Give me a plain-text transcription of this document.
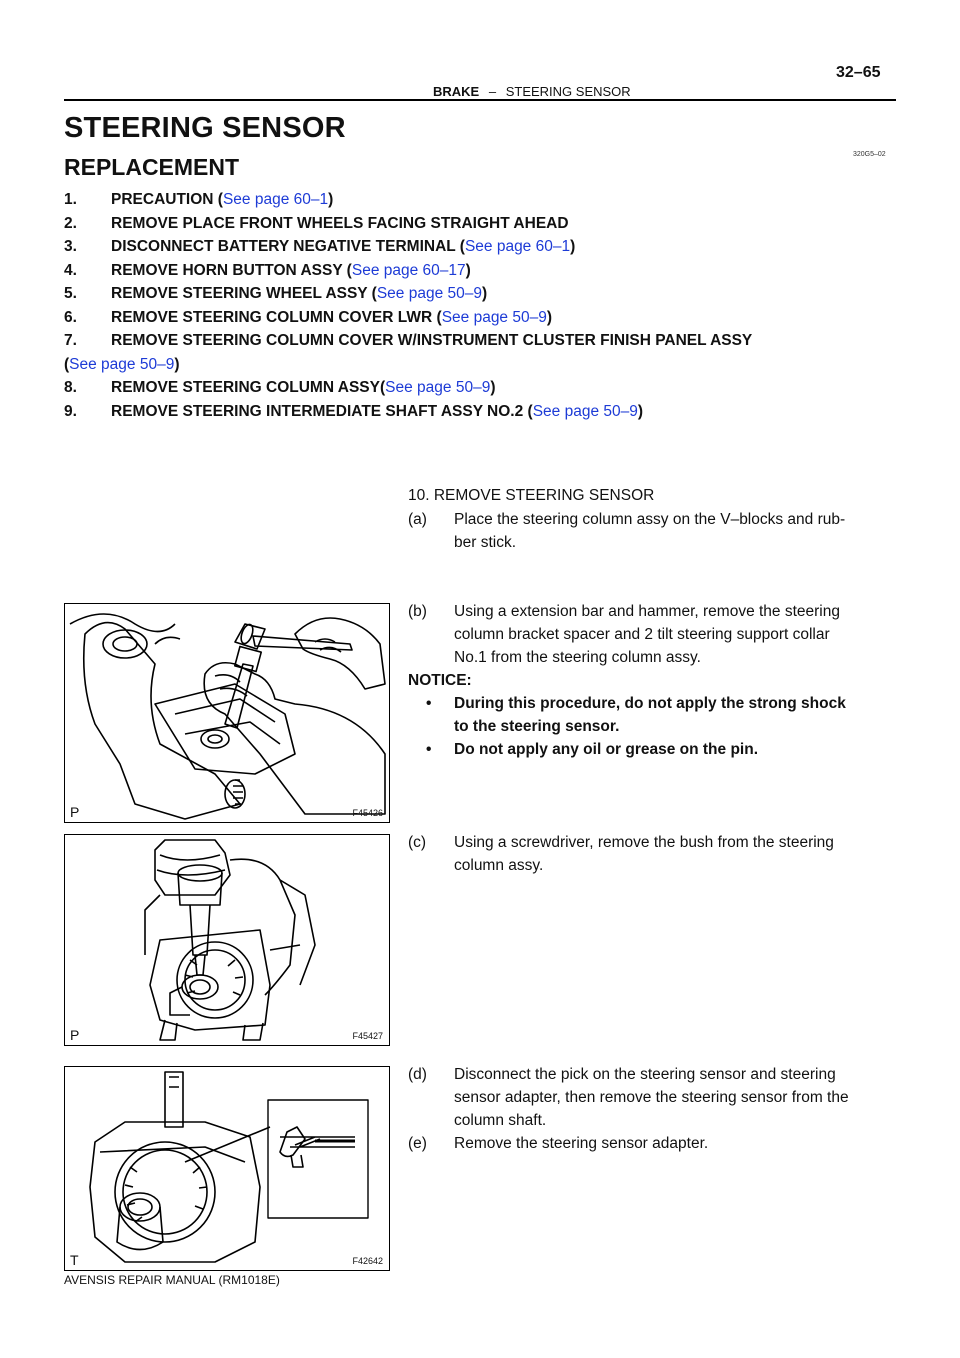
32–65
BRAKE – STEERING SENSOR
STEERING SENSOR
REPLACEMENT	320G5–02
1. PRECAUTION (See page 60–1)
2. REMOVE PLACE FRONT WHEELS FACING STRAIGHT AHEAD
3. DISCONNECT BATTERY NEGATIVE TERMINAL (See page 60–1)
4. REMOVE HORN BUTTON ASSY (See page 60–17)
5. REMOVE STEERING WHEEL ASSY (See page 50–9)
6. REMOVE STEERING COLUMN COVER LWR (See page 50–9)
7. REMOVE STEERING COLUMN COVER W/INSTRUMENT CLUSTER FINISH PANEL ASSY
(See page 50–9)
8. REMOVE STEERING COLUMN ASSY(See page 50–9)
9. REMOVE STEERING INTERMEDIATE SHAFT ASSY NO.2 (See page 50–9)
10. REMOVE STEERING SENSOR
(a) Place the steering column assy on the V–blocks and rub-
ber stick.
(b) Using a extension bar and hammer, remove the steering
column bracket spacer and 2 tilt steering support collar
No.1 from the steering column assy.
NOTICE:
• During this procedure, do not apply the strong shock
to the steering sensor.
• Do not apply any oil or grease on the pin.
(c) Using a screwdriver, remove the bush from the steering
column assy.
(d) Disconnect the pick on the steering sensor and steering
sensor adapter, then remove the steering sensor from the
column shaft.
(e) Remove the steering sensor adapter.
P	F45426
P	F45427
T	F42642
AVENSIS REPAIR MANUAL (RM1018E)
